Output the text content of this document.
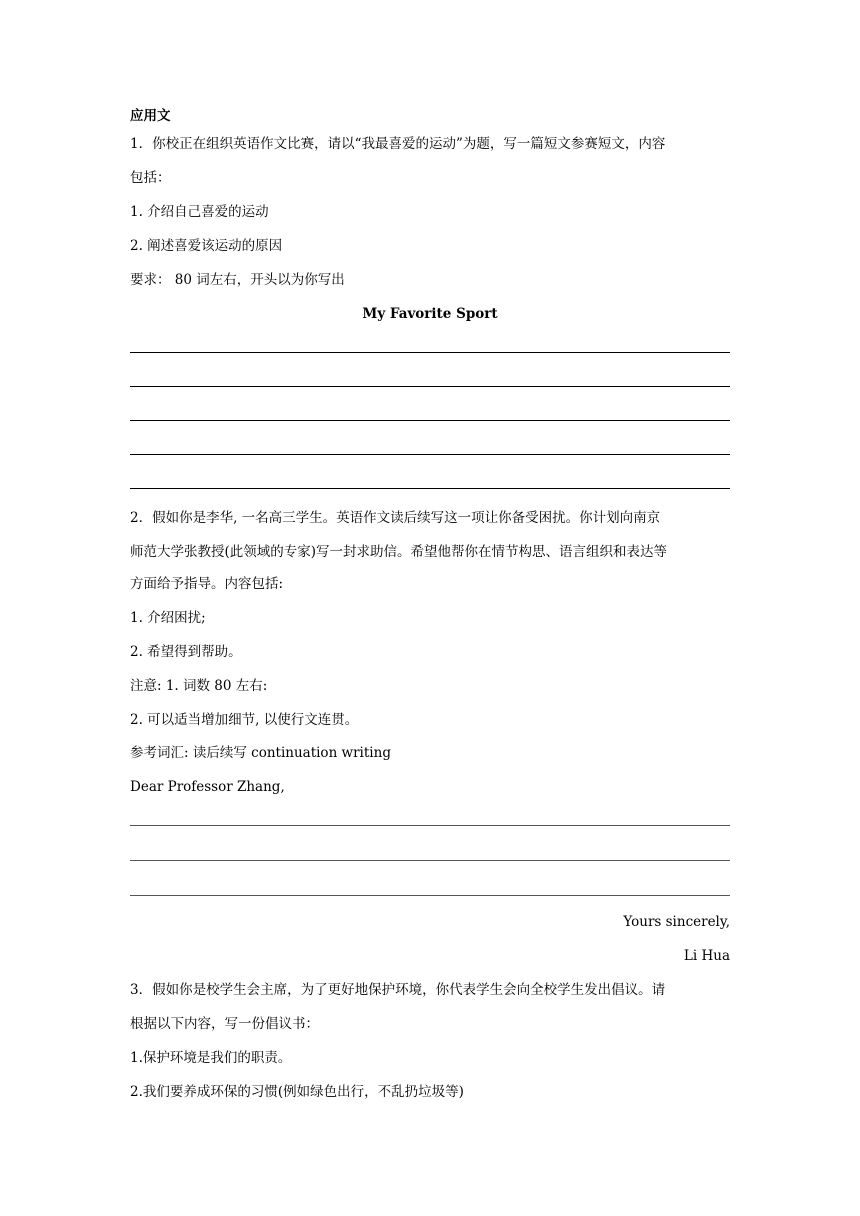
应用文
1．你校正在组织英语作文比赛，请以“我最喜爱的运动”为题，写一篇短文参赛短文，内容
包括：
1. 介绍自己喜爱的运动
2. 阐述喜爱该运动的原因
要求： 80 词左右，开头以为你写出
My Favorite Sport
2．假如你是李华, 一名高三学生。英语作文读后续写这一项让你备受困扰。你计划向南京
师范大学张教授(此领域的专家)写一封求助信。希望他帮你在情节构思、语言组织和表达等
方面给予指导。内容包括:
1. 介绍困扰;
2. 希望得到帮助。
注意: 1. 词数 80 左右:
2. 可以适当增加细节, 以使行文连贯。
参考词汇: 读后续写 continuation writing
Dear Professor Zhang,
Yours sincerely,
Li Hua
3．假如你是校学生会主席，为了更好地保护环境，你代表学生会向全校学生发出倡议。请
根据以下内容，写一份倡议书：
1.保护环境是我们的职责。
2.我们要养成环保的习惯(例如绿色出行，不乱扔垃圾等)
